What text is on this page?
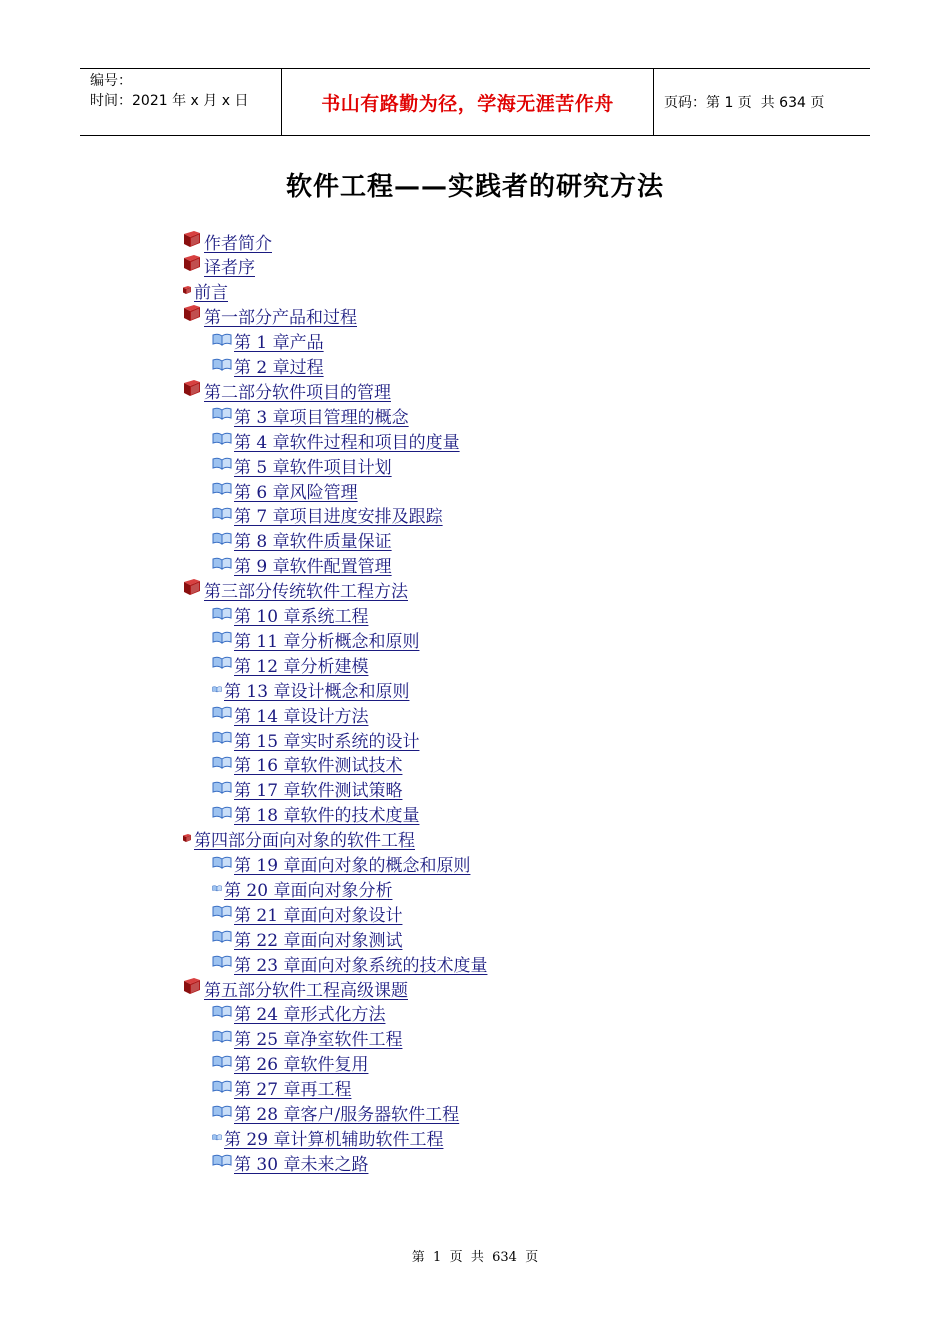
编号：
时间：2021 年 x 月 x 日	书山有路勤为径，学海无涯苦作舟	页码：第 1 页  共 634 页
软件工程——实践者的研究方法
作者简介
译者序
前言
第一部分产品和过程
第 1 章产品
第 2 章过程
第二部分软件项目的管理
第 3 章项目管理的概念
第 4 章软件过程和项目的度量
第 5 章软件项目计划
第 6 章风险管理
第 7 章项目进度安排及跟踪
第 8 章软件质量保证
第 9 章软件配置管理
第三部分传统软件工程方法
第 10 章系统工程
第 11 章分析概念和原则
第 12 章分析建模
第 13 章设计概念和原则
第 14 章设计方法
第 15 章实时系统的设计
第 16 章软件测试技术
第 17 章软件测试策略
第 18 章软件的技术度量
第四部分面向对象的软件工程
第 19 章面向对象的概念和原则
第 20 章面向对象分析
第 21 章面向对象设计
第 22 章面向对象测试
第 23 章面向对象系统的技术度量
第五部分软件工程高级课题
第 24 章形式化方法
第 25 章净室软件工程
第 26 章软件复用
第 27 章再工程
第 28 章客户/服务器软件工程
第 29 章计算机辅助软件工程
第 30 章未来之路
第  1  页  共  634  页
